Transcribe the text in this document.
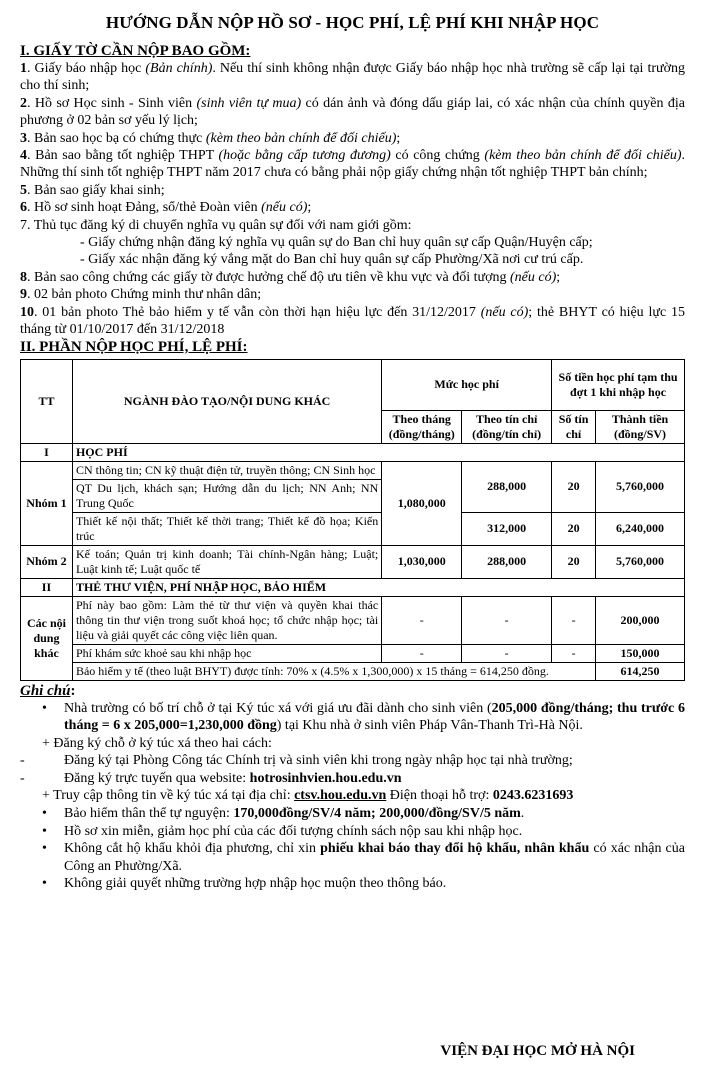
HƯỚNG DẪN NỘP HỒ SƠ - HỌC PHÍ, LỆ PHÍ KHI NHẬP HỌC

I. GIẤY TỜ CẦN NỘP BAO GỒM:

1. Giấy báo nhập học (Bản chính). Nếu thí sinh không nhận được Giấy báo nhập học nhà trường sẽ cấp lại tại trường cho thí sinh;

2. Hồ sơ Học sinh - Sinh viên (sinh viên tự mua) có dán ảnh và đóng dấu giáp lai, có xác nhận của chính quyền địa phương ở 02 bản sơ yếu lý lịch;

3. Bản sao học bạ có chứng thực (kèm theo bản chính để đối chiếu);

4. Bản sao bằng tốt nghiệp THPT (hoặc bằng cấp tương đương) có công chứng (kèm theo bản chính để đối chiếu). Những thí sinh tốt nghiệp THPT năm 2017 chưa có bằng phải nộp giấy chứng nhận tốt nghiệp THPT bản chính;

5. Bản sao giấy khai sinh;

6. Hồ sơ sinh hoạt Đảng, sổ/thẻ Đoàn viên (nếu có);

7. Thủ tục đăng ký di chuyển nghĩa vụ quân sự đối với nam giới gồm:

- Giấy chứng nhận đăng ký nghĩa vụ quân sự do Ban chỉ huy quân sự cấp Quận/Huyện cấp;

- Giấy xác nhận đăng ký vắng mặt do Ban chỉ huy quân sự cấp Phường/Xã nơi cư trú cấp.

8. Bản sao công chứng các giấy tờ được hưởng chế độ ưu tiên về khu vực và đối tượng (nếu có);

9. 02 bản photo Chứng minh thư nhân dân;

10. 01 bản photo Thẻ bảo hiểm y tế vẫn còn thời hạn hiệu lực đến 31/12/2017 (nếu có); thẻ BHYT có hiệu lực 15 tháng từ 01/10/2017 đến 31/12/2018

II. PHẦN NỘP HỌC PHÍ, LỆ PHÍ:

TT	NGÀNH ĐÀO TẠO/NỘI DUNG KHÁC	Mức học phí		Số tiền học phí tạm thu đợt 1 khi nhập học	
		Theo tháng (đồng/tháng)	Theo tín chỉ (đồng/tín chỉ)	Số tín chỉ	Thành tiền (đồng/SV)
I	HỌC PHÍ				
Nhóm 1	CN thông tin; CN kỹ thuật điện tử, truyền thông; CN Sinh học	1,080,000	288,000	20	5,760,000
	QT Du lịch, khách sạn; Hướng dẫn du lịch; NN Anh; NN Trung Quốc				
	Thiết kế nội thất; Thiết kế thời trang; Thiết kế đồ họa; Kiến trúc		312,000	20	6,240,000
Nhóm 2	Kế toán; Quản trị kinh doanh; Tài chính-Ngân hàng; Luật; Luật kinh tế; Luật quốc tế	1,030,000	288,000	20	5,760,000
II	THẺ THƯ VIỆN, PHÍ NHẬP HỌC, BẢO HIỂM				
Các nội dung khác	Phí này bao gồm: Làm thẻ từ thư viện và quyền khai thác thông tin thư viện trong suốt khoá học; tổ chức nhập học; tài liệu và giải quyết các công việc liên quan.	-	-	-	200,000
	Phí khám sức khoẻ sau khi nhập học	-	-	-	150,000
	Bảo hiểm y tế (theo luật BHYT) được tính: 70% x (4.5% x 1,300,000) x 15 tháng = 614,250 đồng.				614,250

Ghi chú:

• Nhà trường có bố trí chỗ ở tại Ký túc xá với giá ưu đãi dành cho sinh viên (205,000 đồng/tháng; thu trước 6 tháng = 6 x 205,000=1,230,000 đồng) tại Khu nhà ở sinh viên Pháp Vân-Thanh Trì-Hà Nội.

+ Đăng ký chỗ ở ký túc xá theo hai cách:

-	Đăng ký tại Phòng Công tác Chính trị và sinh viên khi trong ngày nhập học tại nhà trường;

-	Đăng ký trực tuyến qua website: hotrosinhvien.hou.edu.vn

+ Truy cập thông tin về ký túc xá tại địa chỉ: ctsv.hou.edu.vn Điện thoại hỗ trợ: 0243.6231693

• Bảo hiểm thân thể tự nguyện: 170,000đồng/SV/4 năm; 200,000/đồng/SV/5 năm.

• Hồ sơ xin miễn, giảm học phí của các đối tượng chính sách nộp sau khi nhập học.

• Không cắt hộ khẩu khỏi địa phương, chỉ xin phiếu khai báo thay đổi hộ khẩu, nhân khẩu có xác nhận của Công an Phường/Xã.

• Không giải quyết những trường hợp nhập học muộn theo thông báo.

VIỆN ĐẠI HỌC MỞ HÀ NỘI
